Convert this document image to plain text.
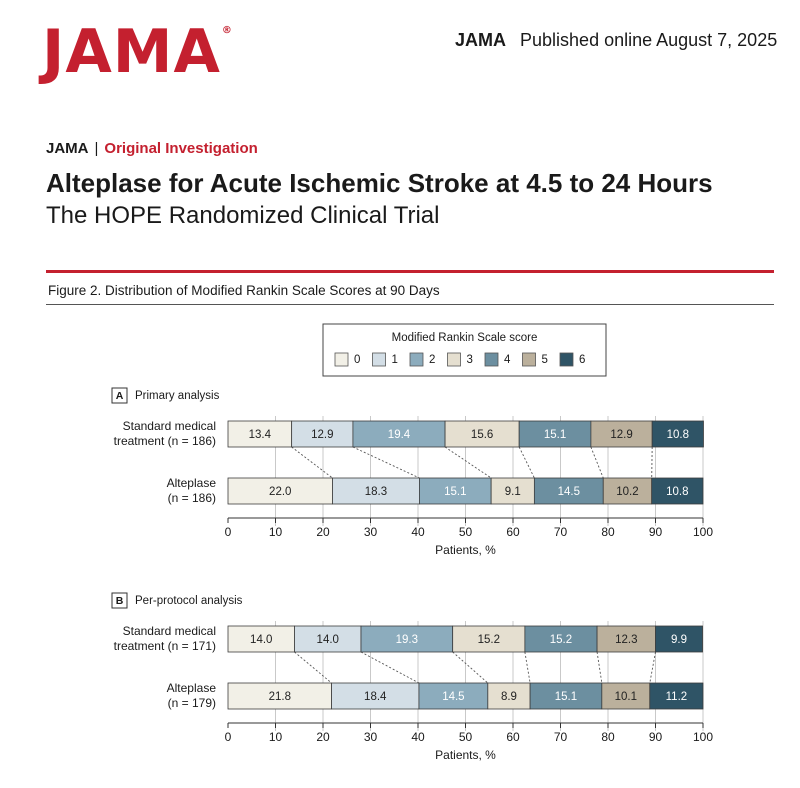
JAMA®	JAMA Published online August 7, 2025
JAMA | Original Investigation
Alteplase for Acute Ischemic Stroke at 4.5 to 24 Hours
The HOPE Randomized Clinical Trial
Figure 2. Distribution of Modified Rankin Scale Scores at 90 Days
Modified Rankin Scale score
0	1	2	3	4	5	6
A Primary analysis
Standard medical
treatment (n = 186)	13.4	12.9	19.4	15.6	15.1	12.9	10.8
Alteplase
(n = 186)	22.0	18.3	15.1	9.1	14.5	10.2 10.8
0	10	20	30	40	50	60	70	80	90	100
Patients, %
B Per-protocol analysis
Standard medical
treatment (n = 171)	14.0	14.0	19.3	15.2	15.2	12.3	9.9
Alteplase
(n = 179)	21.8	18.4	14.5	8.9	15.1	10.1 11.2
0	10	20	30	40	50	60	70	80	90	100
Patients, %
